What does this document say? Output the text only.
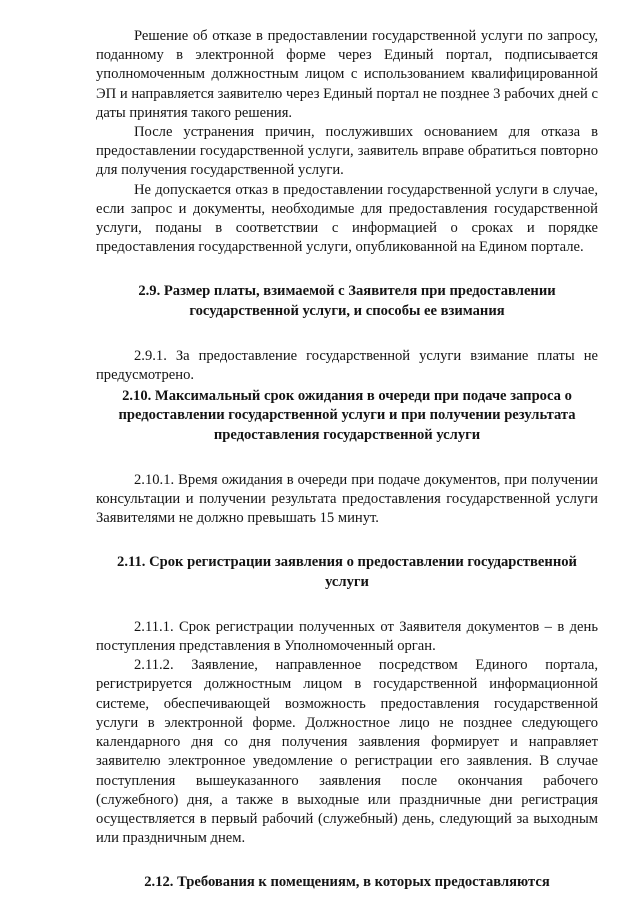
Решение об отказе в предоставлении государственной услуги по запросу, поданному в электронной форме через Единый портал, подписывается уполномоченным должностным лицом с использованием квалифицированной ЭП и направляется заявителю через Единый портал не позднее 3 рабочих дней с даты принятия такого решения.

После устранения причин, послуживших основанием для отказа в предоставлении государственной услуги, заявитель вправе обратиться повторно для получения государственной услуги.

Не допускается отказ в предоставлении государственной услуги в случае, если запрос и документы, необходимые для предоставления государственной услуги, поданы в соответствии с информацией о сроках и порядке предоставления государственной услуги, опубликованной на Едином портале.

2.9. Размер платы, взимаемой с Заявителя при предоставлении государственной услуги, и способы ее взимания

2.9.1. За предоставление государственной услуги взимание платы не предусмотрено.

2.10. Максимальный срок ожидания в очереди при подаче запроса о предоставлении государственной услуги и при получении результата предоставления государственной услуги

2.10.1. Время ожидания в очереди при подаче документов, при получении консультации и получении результата предоставления государственной услуги Заявителями не должно превышать 15 минут.

2.11. Срок регистрации заявления о предоставлении государственной услуги

2.11.1. Срок регистрации полученных от Заявителя документов – в день поступления представления в Уполномоченный орган.

2.11.2. Заявление, направленное посредством Единого портала, регистрируется должностным лицом в государственной информационной системе, обеспечивающей возможность предоставления государственной услуги в электронной форме. Должностное лицо не позднее следующего календарного дня со дня получения заявления формирует и направляет заявителю электронное уведомление о регистрации его заявления. В случае поступления вышеуказанного заявления после окончания рабочего (служебного) дня, а также в выходные или праздничные дни регистрация осуществляется в первый рабочий (служебный) день, следующий за выходным или праздничным днем.

2.12. Требования к помещениям, в которых предоставляются
